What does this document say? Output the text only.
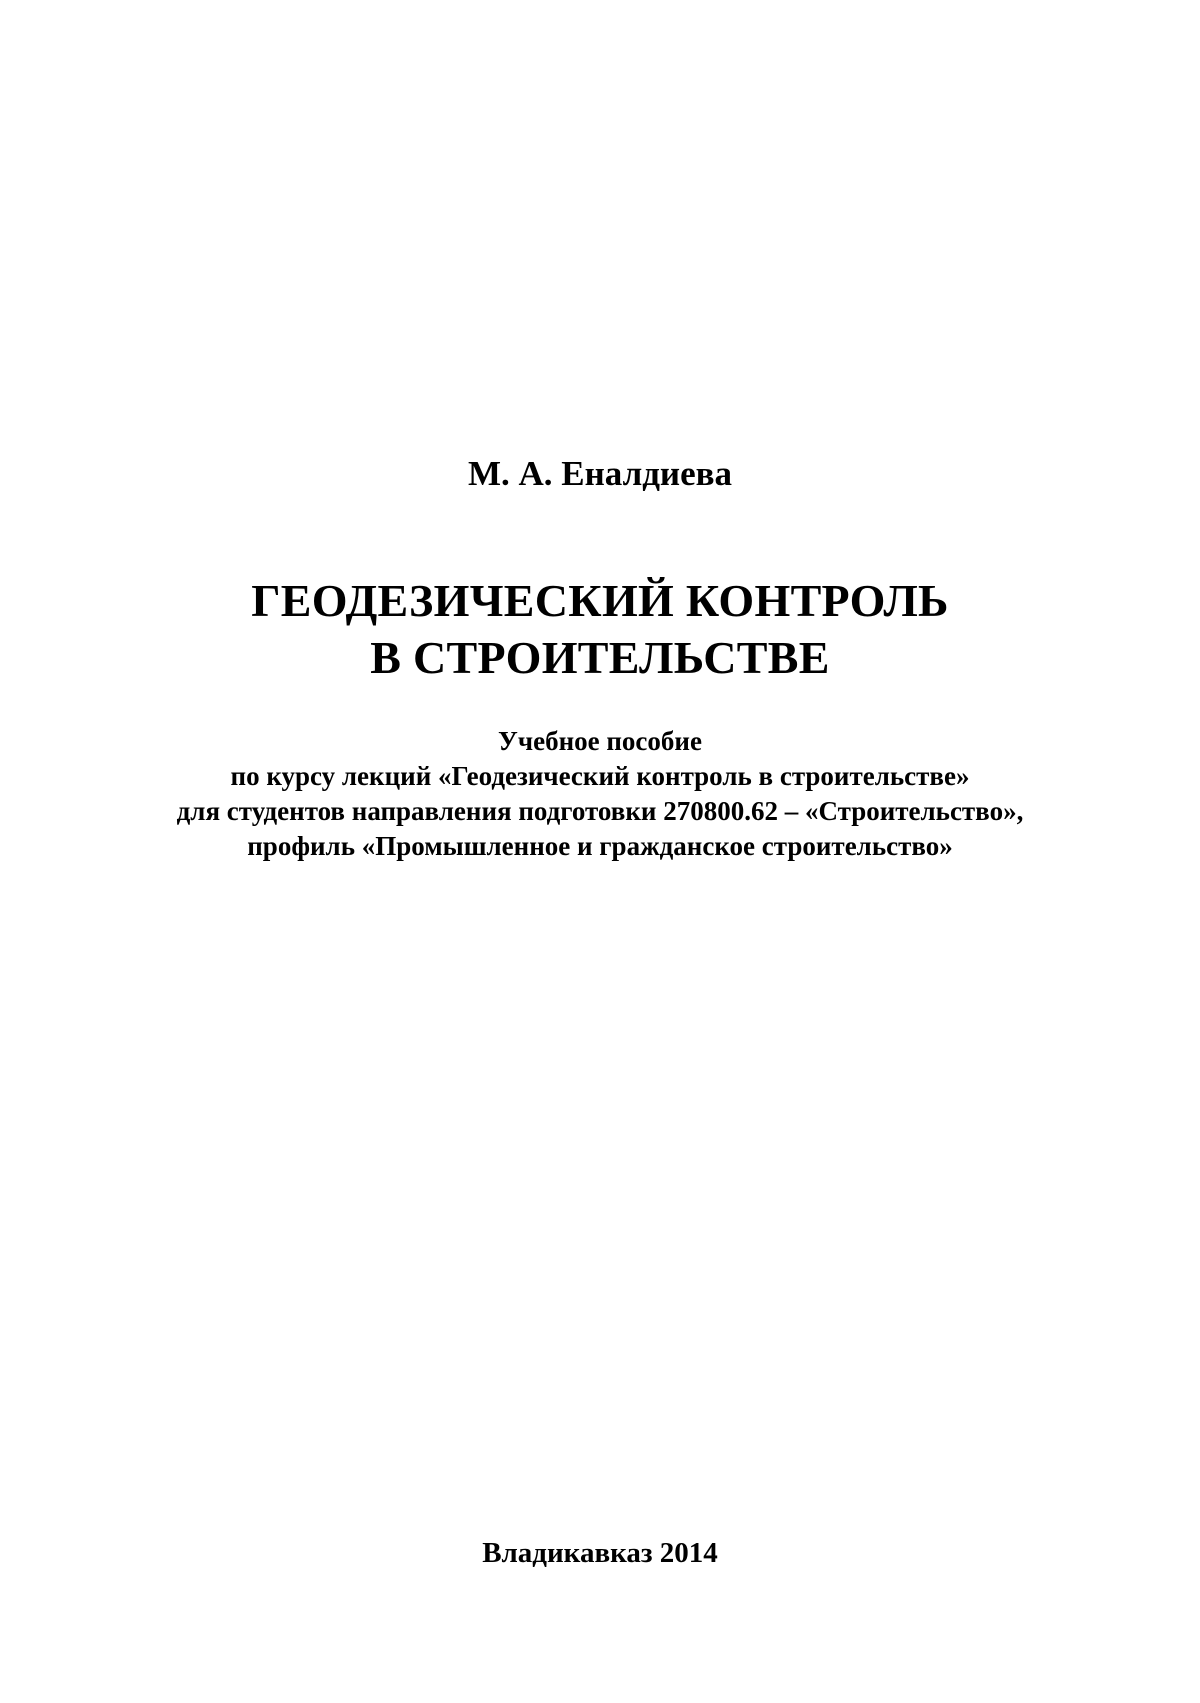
М. А. Еналдиева
ГЕОДЕЗИЧЕСКИЙ КОНТРОЛЬ
В СТРОИТЕЛЬСТВЕ
Учебное пособие
по курсу лекций «Геодезический контроль в строительстве»
для студентов направления подготовки 270800.62 – «Строительство»,
профиль «Промышленное и гражданское строительство»
Владикавказ 2014
